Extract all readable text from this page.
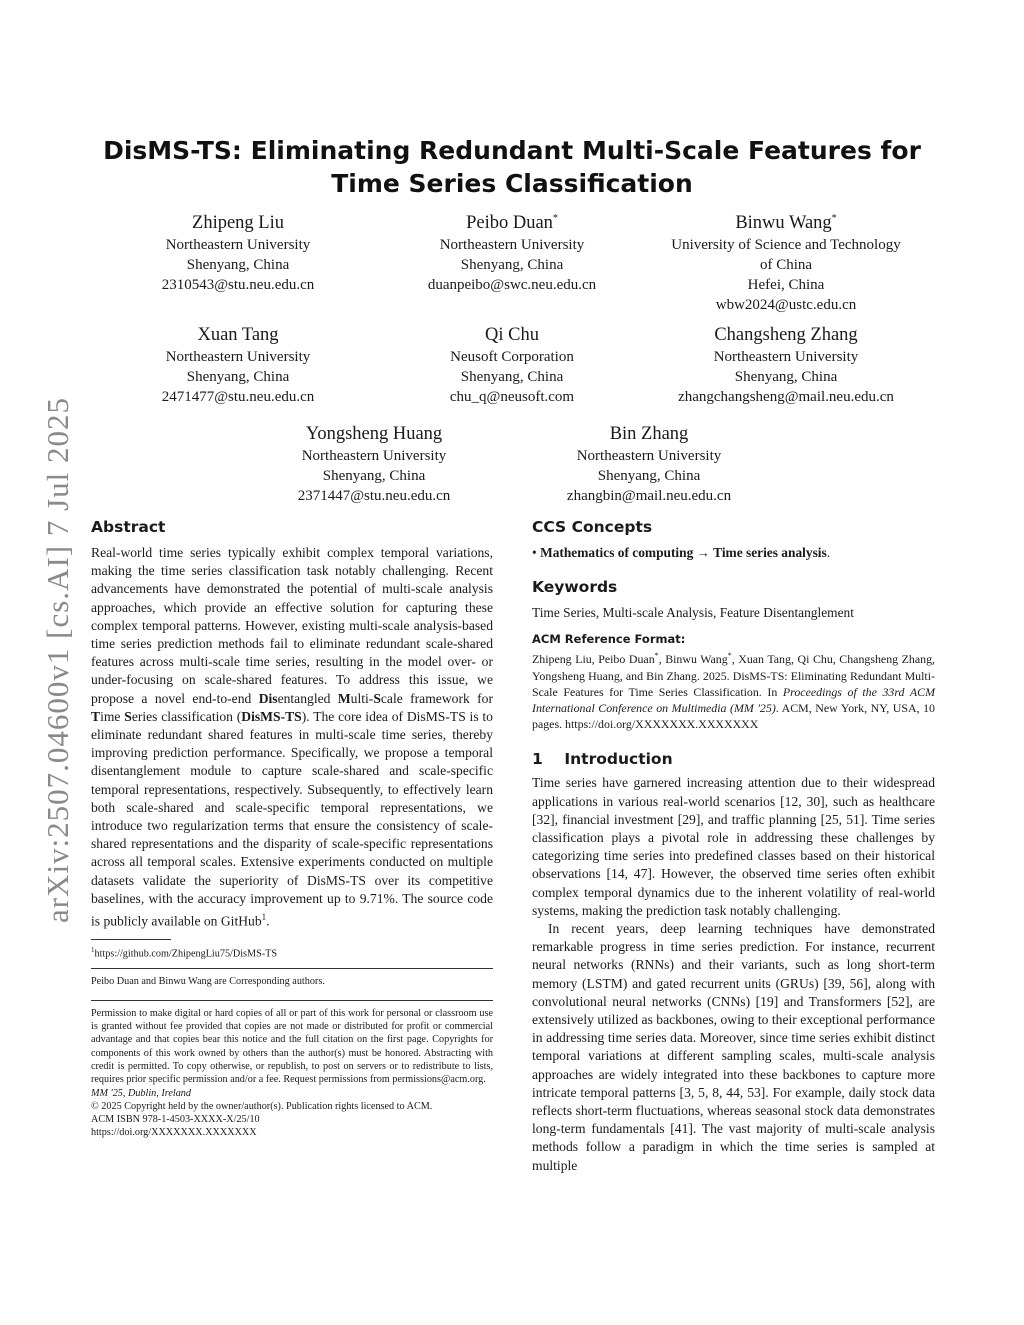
arXiv:2507.04600v1 [cs.AI] 7 Jul 2025
DisMS-TS: Eliminating Redundant Multi-Scale Features for Time Series Classification
Zhipeng Liu
Northeastern University
Shenyang, China
2310543@stu.neu.edu.cn
Peibo Duan*
Northeastern University
Shenyang, China
duanpeibo@swc.neu.edu.cn
Binwu Wang*
University of Science and Technology
of China
Hefei, China
wbw2024@ustc.edu.cn
Xuan Tang
Northeastern University
Shenyang, China
2471477@stu.neu.edu.cn
Qi Chu
Neusoft Corporation
Shenyang, China
chu_q@neusoft.com
Changsheng Zhang
Northeastern University
Shenyang, China
zhangchangsheng@mail.neu.edu.cn
Yongsheng Huang
Northeastern University
Shenyang, China
2371447@stu.neu.edu.cn
Bin Zhang
Northeastern University
Shenyang, China
zhangbin@mail.neu.edu.cn
Abstract

Real-world time series typically exhibit complex temporal variations, making the time series classification task notably challenging. Recent advancements have demonstrated the potential of multi-scale analysis approaches, which provide an effective solution for capturing these complex temporal patterns. However, existing multi-scale analysis-based time series prediction methods fail to eliminate redundant scale-shared features across multi-scale time series, resulting in the model over- or under-focusing on scale-shared features. To address this issue, we propose a novel end-to-end Disentangled Multi-Scale framework for Time Series classification (DisMS-TS). The core idea of DisMS-TS is to eliminate redundant shared features in multi-scale time series, thereby improving prediction performance. Specifically, we propose a temporal disentanglement module to capture scale-shared and scale-specific temporal representations, respectively. Subsequently, to effectively learn both scale-shared and scale-specific temporal representations, we introduce two regularization terms that ensure the consistency of scale-shared representations and the disparity of scale-specific representations across all temporal scales. Extensive experiments conducted on multiple datasets validate the superiority of DisMS-TS over its competitive baselines, with the accuracy improvement up to 9.71%. The source code is publicly available on GitHub$^1$.

$^1$https://github.com/ZhipengLiu75/DisMS-TS

Peibo Duan and Binwu Wang are Corresponding authors.

Permission to make digital or hard copies of all or part of this work for personal or classroom use is granted without fee provided that copies are not made or distributed for profit or commercial advantage and that copies bear this notice and the full citation on the first page. Copyrights for components of this work owned by others than the author(s) must be honored. Abstracting with credit is permitted. To copy otherwise, or republish, to post on servers or to redistribute to lists, requires prior specific permission and/or a fee. Request permissions from permissions@acm.org.

MM '25, Dublin, Ireland

© 2025 Copyright held by the owner/author(s). Publication rights licensed to ACM.

ACM ISBN 978-1-4503-XXXX-X/25/10

https://doi.org/XXXXXXX.XXXXXXX

CCS Concepts

• Mathematics of computing → Time series analysis.

Keywords

Time Series, Multi-scale Analysis, Feature Disentanglement

ACM Reference Format:

Zhipeng Liu, Peibo Duan*, Binwu Wang*, Xuan Tang, Qi Chu, Changsheng Zhang, Yongsheng Huang, and Bin Zhang. 2025. DisMS-TS: Eliminating Redundant Multi-Scale Features for Time Series Classification. In Proceedings of the 33rd ACM International Conference on Multimedia (MM '25). ACM, New York, NY, USA, 10 pages. https://doi.org/XXXXXXX.XXXXXXX

1    Introduction

Time series have garnered increasing attention due to their widespread applications in various real-world scenarios [12, 30], such as healthcare [32], financial investment [29], and traffic planning [25, 51]. Time series classification plays a pivotal role in addressing these challenges by categorizing time series into predefined classes based on their historical observations [14, 47]. However, the observed time series often exhibit complex temporal dynamics due to the inherent volatility of real-world systems, making the prediction task notably challenging.

In recent years, deep learning techniques have demonstrated remarkable progress in time series prediction. For instance, recurrent neural networks (RNNs) and their variants, such as long short-term memory (LSTM) and gated recurrent units (GRUs) [39, 56], along with convolutional neural networks (CNNs) [19] and Transformers [52], are extensively utilized as backbones, owing to their exceptional performance in addressing time series data. Moreover, since time series exhibit distinct temporal variations at different sampling scales, multi-scale analysis approaches are widely integrated into these backbones to capture more intricate temporal patterns [3, 5, 8, 44, 53]. For example, daily stock data reflects short-term fluctuations, whereas seasonal stock data demonstrates long-term fundamentals [41]. The vast majority of multi-scale analysis methods follow a paradigm in which the time series is sampled at multiple
